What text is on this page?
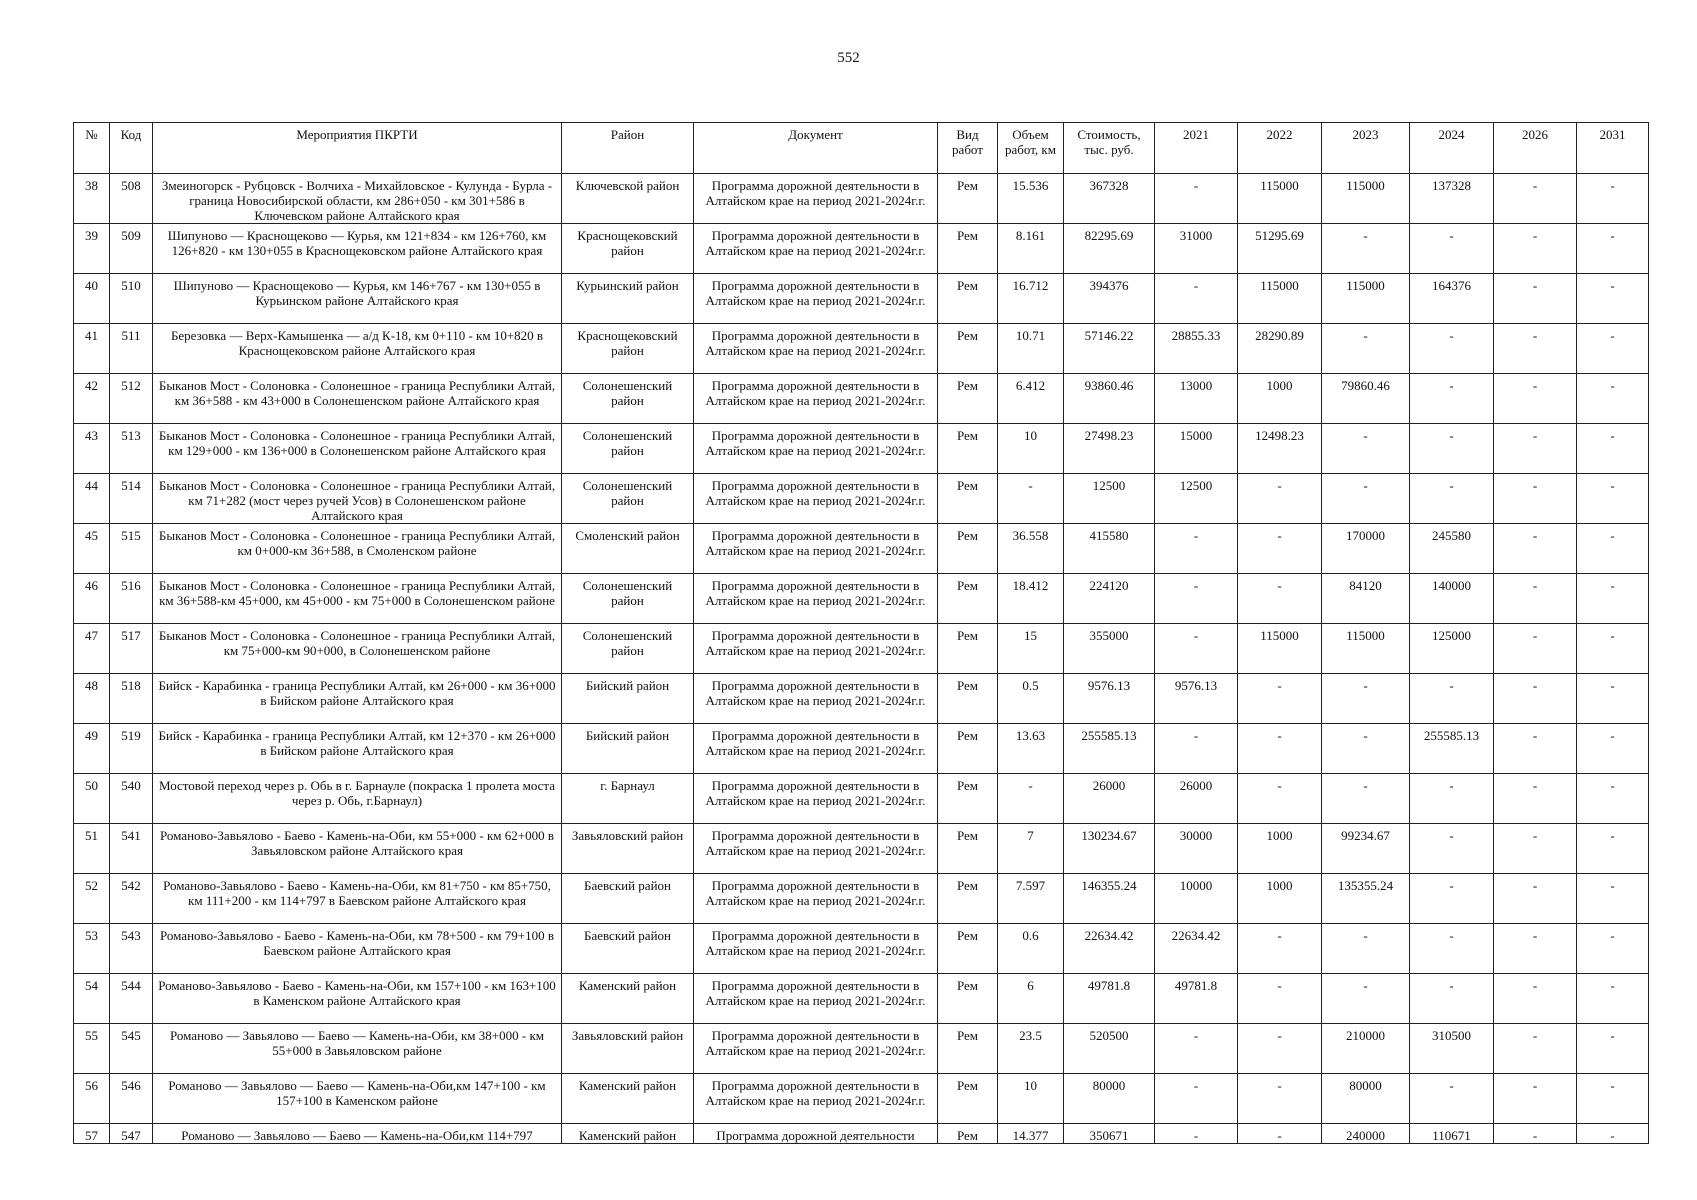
552
№	Код	Мероприятия ПКРТИ	Район	Документ	Вид работ	Объем работ, км	Стоимость, тыс. руб.	2021	2022	2023	2024	2026	2031
38	508	Змеиногорск - Рубцовск - Волчиха - Михайловское - Кулунда - Бурла - граница Новосибирской области, км 286+050 - км 301+586 в Ключевском районе Алтайского края	Ключевской район	Программа дорожной деятельности в Алтайском крае на период 2021-2024г.г.	Рем	15.536	367328	-	115000	115000	137328	-	-
39	509	Шипуново — Краснощеково — Курья, км 121+834 - км 126+760, км 126+820 - км 130+055 в Краснощековском районе Алтайского края	Краснощековский район	Программа дорожной деятельности в Алтайском крае на период 2021-2024г.г.	Рем	8.161	82295.69	31000	51295.69	-	-	-	-
40	510	Шипуново — Краснощеково — Курья, км 146+767 - км 130+055 в Курьинском районе Алтайского края	Курьинский район	Программа дорожной деятельности в Алтайском крае на период 2021-2024г.г.	Рем	16.712	394376	-	115000	115000	164376	-	-
41	511	Березовка — Верх-Камышенка — а/д К-18, км 0+110 - км 10+820 в Краснощековском районе Алтайского края	Краснощековский район	Программа дорожной деятельности в Алтайском крае на период 2021-2024г.г.	Рем	10.71	57146.22	28855.33	28290.89	-	-	-	-
42	512	Быканов Мост - Солоновка - Солонешное - граница Республики Алтай, км 36+588 - км 43+000 в Солонешенском районе Алтайского края	Солонешенский район	Программа дорожной деятельности в Алтайском крае на период 2021-2024г.г.	Рем	6.412	93860.46	13000	1000	79860.46	-	-	-
43	513	Быканов Мост - Солоновка - Солонешное - граница Республики Алтай, км 129+000 - км 136+000 в Солонешенском районе Алтайского края	Солонешенский район	Программа дорожной деятельности в Алтайском крае на период 2021-2024г.г.	Рем	10	27498.23	15000	12498.23	-	-	-	-
44	514	Быканов Мост - Солоновка - Солонешное - граница Республики Алтай, км 71+282 (мост через ручей Усов) в Солонешенском районе Алтайского края	Солонешенский район	Программа дорожной деятельности в Алтайском крае на период 2021-2024г.г.	Рем	-	12500	12500	-	-	-	-	-
45	515	Быканов Мост - Солоновка - Солонешное - граница Республики Алтай, км 0+000-км 36+588, в Смоленском районе	Смоленский район	Программа дорожной деятельности в Алтайском крае на период 2021-2024г.г.	Рем	36.558	415580	-	-	170000	245580	-	-
46	516	Быканов Мост - Солоновка - Солонешное - граница Республики Алтай, км 36+588-км 45+000, км 45+000 - км 75+000 в Солонешенском районе	Солонешенский район	Программа дорожной деятельности в Алтайском крае на период 2021-2024г.г.	Рем	18.412	224120	-	-	84120	140000	-	-
47	517	Быканов Мост - Солоновка - Солонешное - граница Республики Алтай, км 75+000-км 90+000, в Солонешенском районе	Солонешенский район	Программа дорожной деятельности в Алтайском крае на период 2021-2024г.г.	Рем	15	355000	-	115000	115000	125000	-	-
48	518	Бийск - Карабинка - граница Республики Алтай, км 26+000 - км 36+000 в Бийском районе Алтайского края	Бийский район	Программа дорожной деятельности в Алтайском крае на период 2021-2024г.г.	Рем	0.5	9576.13	9576.13	-	-	-	-	-
49	519	Бийск - Карабинка - граница Республики Алтай, км 12+370 - км 26+000 в Бийском районе Алтайского края	Бийский район	Программа дорожной деятельности в Алтайском крае на период 2021-2024г.г.	Рем	13.63	255585.13	-	-	-	255585.13	-	-
50	540	Мостовой переход через р. Обь в г. Барнауле (покраска 1 пролета моста через р. Обь, г.Барнаул)	г. Барнаул	Программа дорожной деятельности в Алтайском крае на период 2021-2024г.г.	Рем	-	26000	26000	-	-	-	-	-
51	541	Романово-Завьялово - Баево - Камень-на-Оби, км 55+000 - км 62+000 в Завьяловском районе Алтайского края	Завьяловский район	Программа дорожной деятельности в Алтайском крае на период 2021-2024г.г.	Рем	7	130234.67	30000	1000	99234.67	-	-	-
52	542	Романово-Завьялово - Баево - Камень-на-Оби, км 81+750 - км 85+750, км 111+200 - км 114+797 в Баевском районе Алтайского края	Баевский район	Программа дорожной деятельности в Алтайском крае на период 2021-2024г.г.	Рем	7.597	146355.24	10000	1000	135355.24	-	-	-
53	543	Романово-Завьялово - Баево - Камень-на-Оби, км 78+500 - км 79+100 в Баевском районе Алтайского края	Баевский район	Программа дорожной деятельности в Алтайском крае на период 2021-2024г.г.	Рем	0.6	22634.42	22634.42	-	-	-	-	-
54	544	Романово-Завьялово - Баево - Камень-на-Оби, км 157+100 - км 163+100 в Каменском районе Алтайского края	Каменский район	Программа дорожной деятельности в Алтайском крае на период 2021-2024г.г.	Рем	6	49781.8	49781.8	-	-	-	-	-
55	545	Романово — Завьялово — Баево — Камень-на-Оби, км 38+000 - км 55+000 в Завьяловском районе	Завьяловский район	Программа дорожной деятельности в Алтайском крае на период 2021-2024г.г.	Рем	23.5	520500	-	-	210000	310500	-	-
56	546	Романово — Завьялово — Баево — Камень-на-Оби,км 147+100 - км 157+100 в Каменском районе	Каменский район	Программа дорожной деятельности в Алтайском крае на период 2021-2024г.г.	Рем	10	80000	-	-	80000	-	-	-
57	547	Романово — Завьялово — Баево — Камень-на-Оби,км 114+797	Каменский район	Программа дорожной деятельности	Рем	14.377	350671	-	-	240000	110671	-	-
